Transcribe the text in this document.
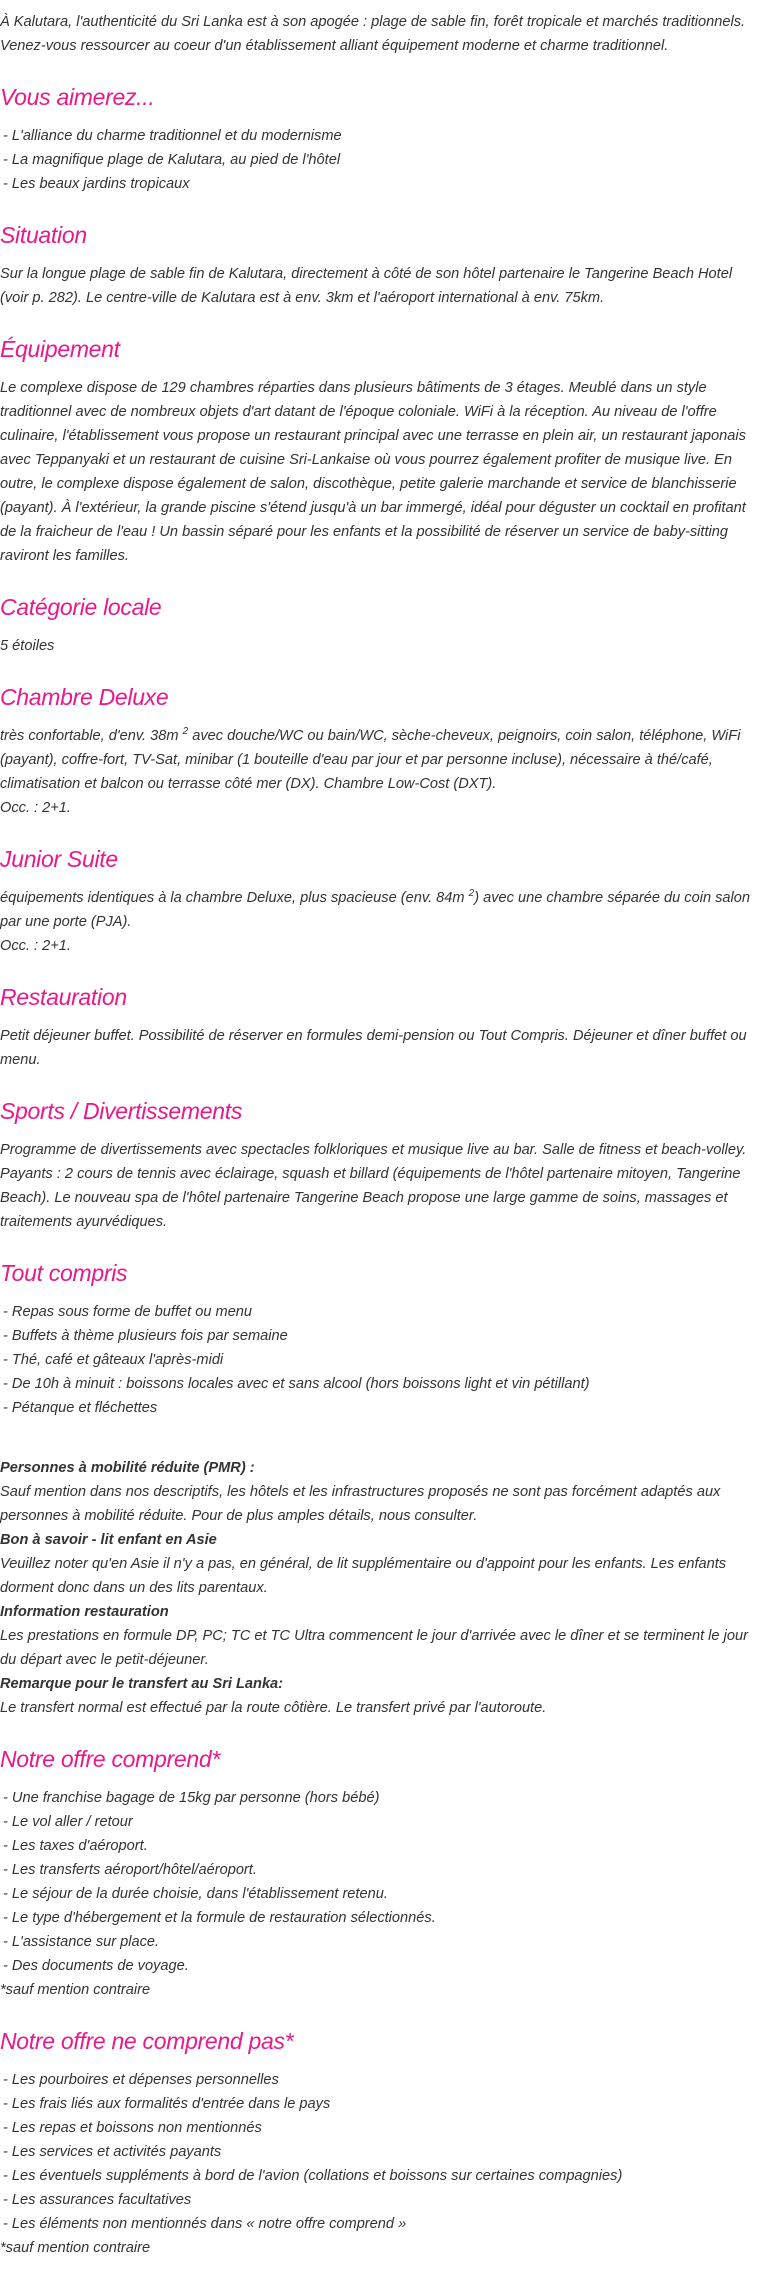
À Kalutara, l'authenticité du Sri Lanka est à son apogée : plage de sable fin, forêt tropicale et marchés traditionnels.

Venez-vous ressourcer au coeur d'un établissement alliant équipement moderne et charme traditionnel.

Vous aimerez...
- L'alliance du charme traditionnel et du modernisme
- La magnifique plage de Kalutara, au pied de l'hôtel
- Les beaux jardins tropicaux
Situation

Sur la longue plage de sable fin de Kalutara, directement à côté de son hôtel partenaire le Tangerine Beach Hotel (voir p. 282). Le centre-ville de Kalutara est à env. 3km et l'aéroport international à env. 75km.

Équipement

Le complexe dispose de 129 chambres réparties dans plusieurs bâtiments de 3 étages. Meublé dans un style traditionnel avec de nombreux objets d'art datant de l'époque coloniale. WiFi à la réception. Au niveau de l'offre culinaire, l'établissement vous propose un restaurant principal avec une terrasse en plein air, un restaurant japonais avec Teppanyaki et un restaurant de cuisine Sri-Lankaise où vous pourrez également profiter de musique live. En outre, le complexe dispose également de salon, discothèque, petite galerie marchande et service de blanchisserie (payant). À l'extérieur, la grande piscine s'étend jusqu'à un bar immergé, idéal pour déguster un cocktail en profitant de la fraicheur de l'eau ! Un bassin séparé pour les enfants et la possibilité de réserver un service de baby-sitting raviront les familles.

Catégorie locale

5 étoiles

Chambre Deluxe

très confortable, d'env. 38m $^2$ avec douche/WC ou bain/WC, sèche-cheveux, peignoirs, coin salon, téléphone, WiFi (payant), coffre-fort, TV-Sat, minibar (1 bouteille d'eau par jour et par personne incluse), nécessaire à thé/café, climatisation et balcon ou terrasse côté mer (DX). Chambre Low-Cost (DXT).

Occ. : 2+1.

Junior Suite

équipements identiques à la chambre Deluxe, plus spacieuse (env. 84m $^2$) avec une chambre séparée du coin salon par une porte (PJA).

Occ. : 2+1.

Restauration

Petit déjeuner buffet. Possibilité de réserver en formules demi-pension ou Tout Compris. Déjeuner et dîner buffet ou menu.

Sports / Divertissements

Programme de divertissements avec spectacles folkloriques et musique live au bar. Salle de fitness et beach-volley.

Payants : 2 cours de tennis avec éclairage, squash et billard (équipements de l'hôtel partenaire mitoyen, Tangerine Beach). Le nouveau spa de l'hôtel partenaire Tangerine Beach propose une large gamme de soins, massages et traitements ayurvédiques.

Tout compris
- Repas sous forme de buffet ou menu
- Buffets à thème plusieurs fois par semaine
- Thé, café et gâteaux l'après-midi
- De 10h à minuit : boissons locales avec et sans alcool (hors boissons light et vin pétillant)
- Pétanque et fléchettes

Personnes à mobilité réduite (PMR) :

Sauf mention dans nos descriptifs, les hôtels et les infrastructures proposés ne sont pas forcément adaptés aux personnes à mobilité réduite. Pour de plus amples détails, nous consulter.

Bon à savoir - lit enfant en Asie

Veuillez noter qu'en Asie il n'y a pas, en général, de lit supplémentaire ou d'appoint pour les enfants. Les enfants dorment donc dans un des lits parentaux.

Information restauration

Les prestations en formule DP, PC; TC et TC Ultra commencent le jour d'arrivée avec le dîner et se terminent le jour du départ avec le petit-déjeuner.

Remarque pour le transfert au Sri Lanka:

Le transfert normal est effectué par la route côtière. Le transfert privé par l'autoroute.

Notre offre comprend*
- Une franchise bagage de 15kg par personne (hors bébé)
- Le vol aller / retour
- Les taxes d'aéroport.
- Les transferts aéroport/hôtel/aéroport.
- Le séjour de la durée choisie, dans l'établissement retenu.
- Le type d'hébergement et la formule de restauration sélectionnés.
- L'assistance sur place.
- Des documents de voyage.

*sauf mention contraire

Notre offre ne comprend pas*
- Les pourboires et dépenses personnelles
- Les frais liés aux formalités d'entrée dans le pays
- Les repas et boissons non mentionnés
- Les services et activités payants
- Les éventuels suppléments à bord de l'avion (collations et boissons sur certaines compagnies)
- Les assurances facultatives
- Les éléments non mentionnés dans « notre offre comprend »

*sauf mention contraire
